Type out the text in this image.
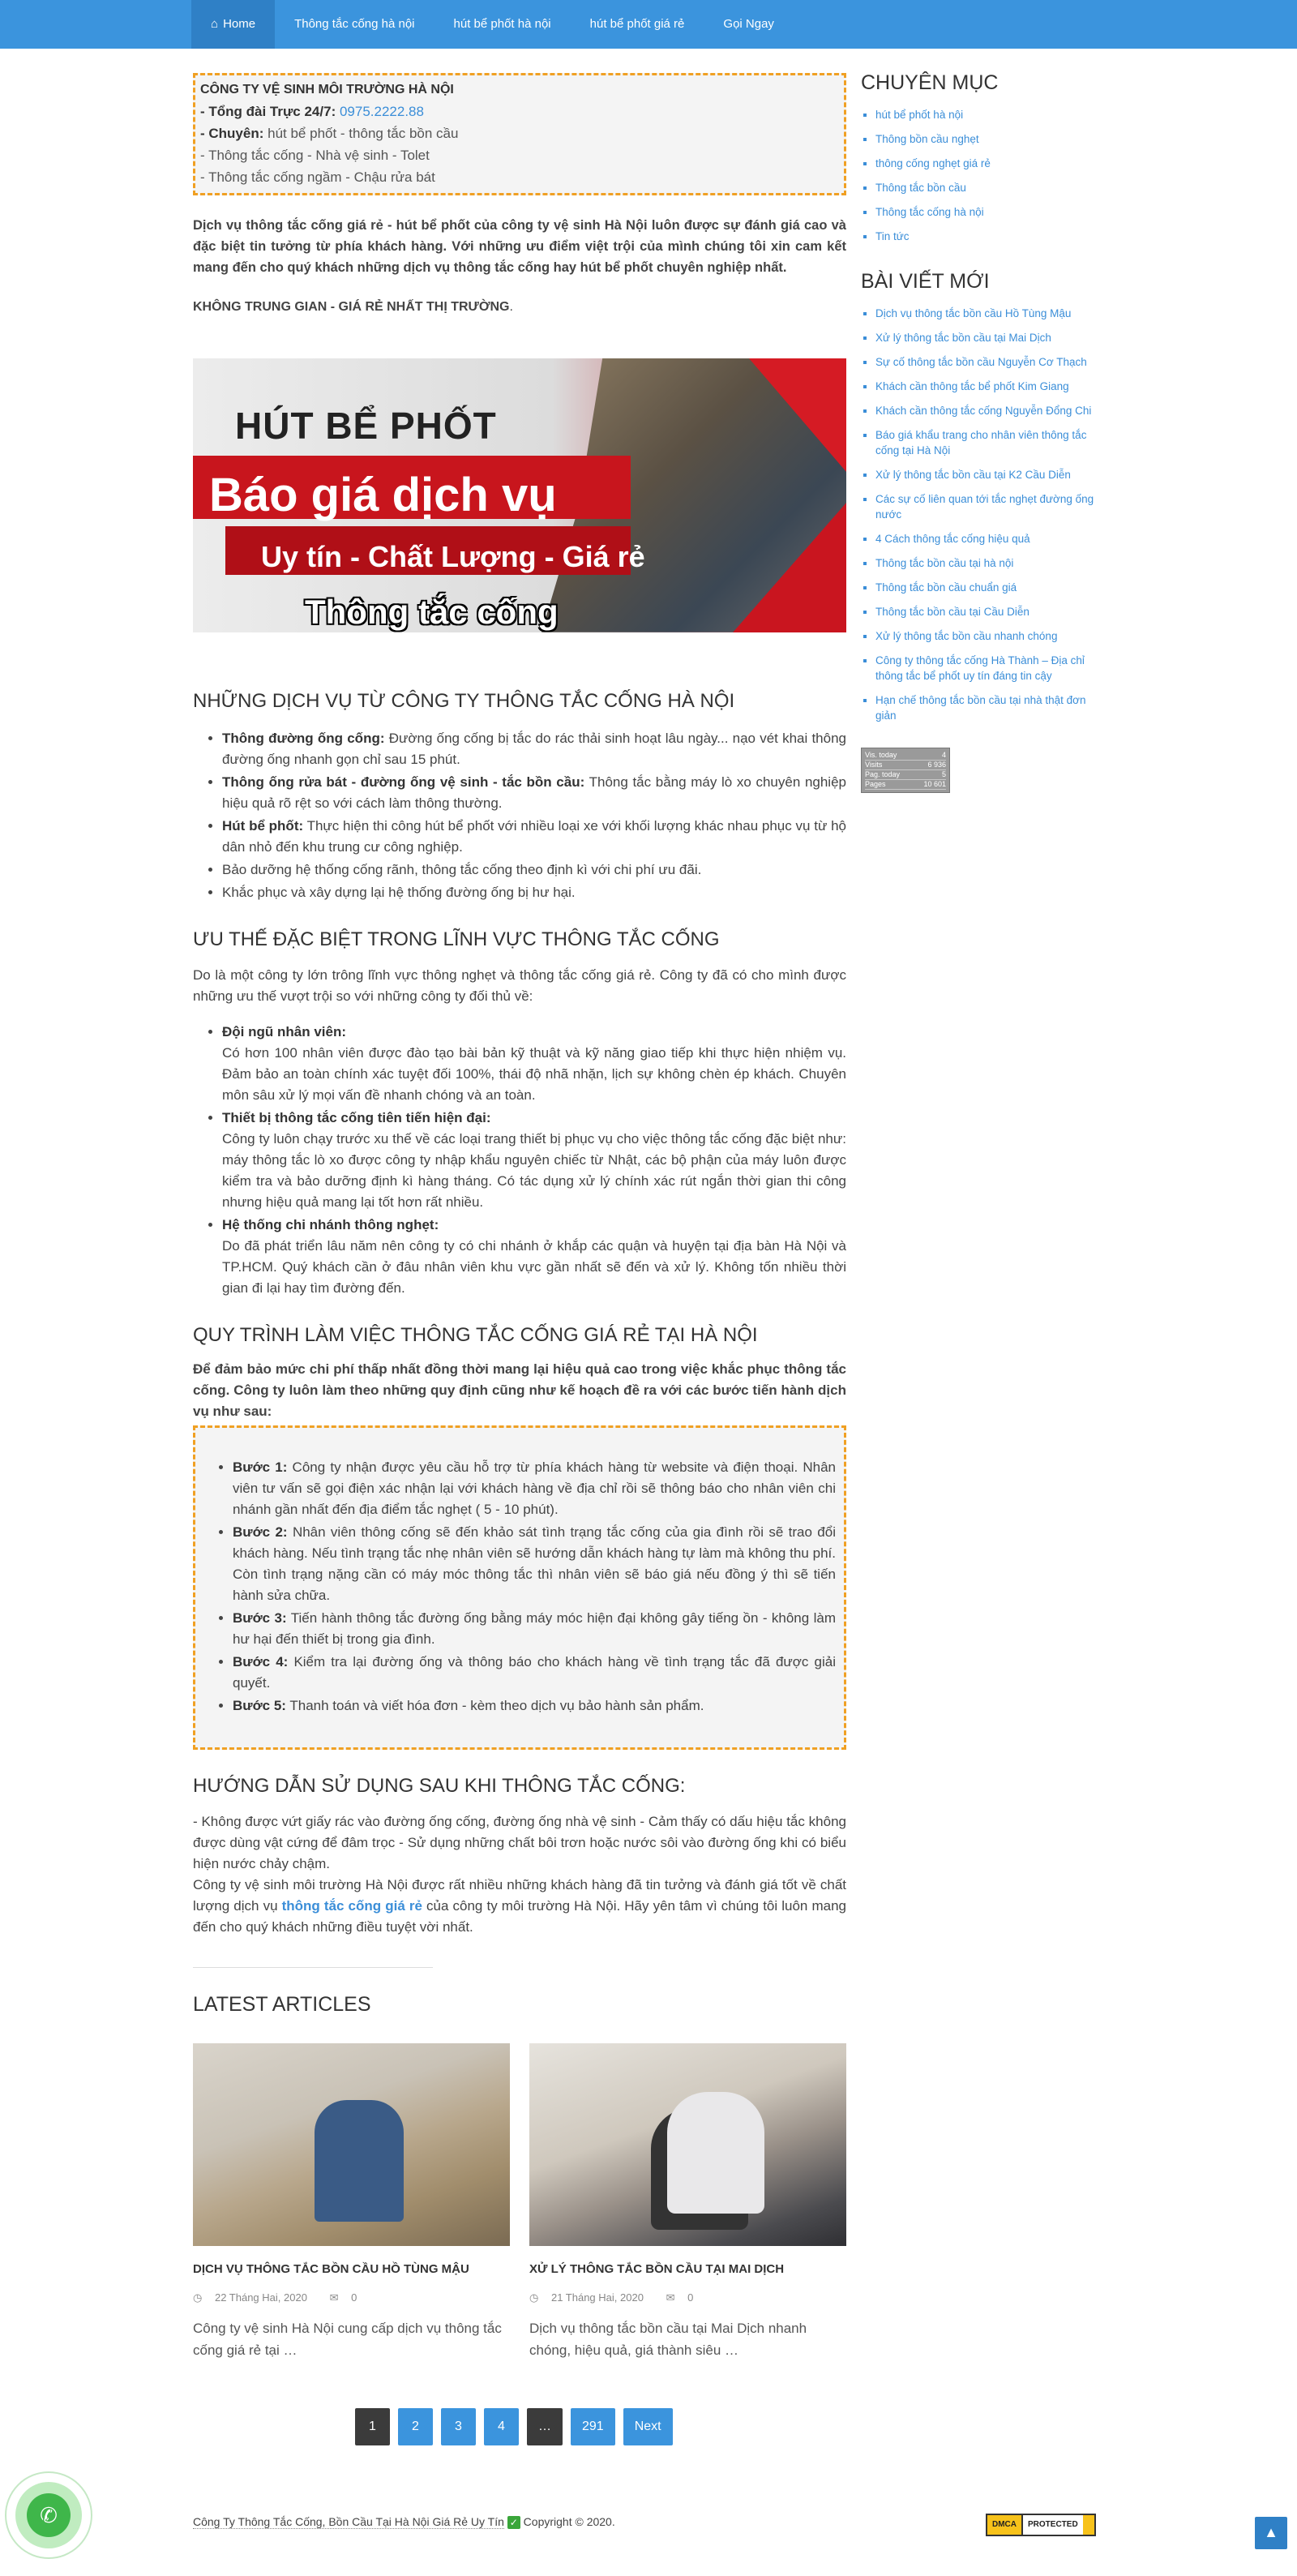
⌂ Home	Thông tắc cống hà nội	hút bể phốt hà nội	hút bể phốt giá rẻ	Gọi Ngay
CÔNG TY VỆ SINH MÔI TRƯỜNG HÀ NỘI
- Tổng đài Trực 24/7: 0975.2222.88
- Chuyên: hút bể phốt - thông tắc bồn cầu
- Thông tắc cống - Nhà vệ sinh - Tolet
- Thông tắc cống ngầm - Chậu rửa bát

Dịch vụ thông tắc cống giá rẻ - hút bể phốt của công ty vệ sinh Hà Nội luôn được sự đánh giá cao và đặc biệt tin tưởng từ phía khách hàng. Với những ưu điểm việt trội của mình chúng tôi xin cam kết mang đến cho quý khách những dịch vụ thông tắc cống hay hút bể phốt chuyên nghiệp nhất.

KHÔNG TRUNG GIAN - GIÁ RẺ NHẤT THỊ TRƯỜNG.

HÚT BỂ PHỐT
Báo giá dịch vụ
Uy tín - Chất Lượng - Giá rẻ
Thông tắc cống
NHỮNG DỊCH VỤ TỪ CÔNG TY THÔNG TẮC CỐNG HÀ NỘI
• Thông đường ống cống: Đường ống cống bị tắc do rác thải sinh hoạt lâu ngày... nạo vét khai thông đường ống nhanh gọn chỉ sau 15 phút.
• Thông ống rửa bát - đường ống vệ sinh - tắc bồn cầu: Thông tắc bằng máy lò xo chuyên nghiệp hiệu quả rõ rệt so với cách làm thông thường.
• Hút bể phốt: Thực hiện thi công hút bể phốt với nhiều loại xe với khối lượng khác nhau phục vụ từ hộ dân nhỏ đến khu trung cư công nghiệp.
• Bảo dưỡng hệ thống cống rãnh, thông tắc cống theo định kì với chi phí ưu đãi.
• Khắc phục và xây dựng lại hệ thống đường ống bị hư hại.
ƯU THẾ ĐẶC BIỆT TRONG LĨNH VỰC THÔNG TẮC CỐNG

Do là một công ty lớn trông lĩnh vực thông nghẹt và thông tắc cống giá rẻ. Công ty đã có cho mình được những ưu thế vượt trội so với những công ty đối thủ về:

• Đội ngũ nhân viên:
Có hơn 100 nhân viên được đào tạo bài bản kỹ thuật và kỹ năng giao tiếp khi thực hiện nhiệm vụ. Đảm bảo an toàn chính xác tuyệt đối 100%, thái độ nhã nhặn, lịch sự không chèn ép khách. Chuyên môn sâu xử lý mọi vấn đề nhanh chóng và an toàn.
• Thiết bị thông tắc cống tiên tiến hiện đại:
Công ty luôn chạy trước xu thế về các loại trang thiết bị phục vụ cho việc thông tắc cống đặc biệt như: máy thông tắc lò xo được công ty nhập khẩu nguyên chiếc từ Nhật, các bộ phận của máy luôn được kiểm tra và bảo dưỡng định kì hàng tháng. Có tác dụng xử lý chính xác rút ngắn thời gian thi công nhưng hiệu quả mang lại tốt hơn rất nhiều.
• Hệ thống chi nhánh thông nghẹt:
Do đã phát triển lâu năm nên công ty có chi nhánh ở khắp các quận và huyện tại địa bàn Hà Nội và TP.HCM. Quý khách cần ở đâu nhân viên khu vực gần nhất sẽ đến và xử lý. Không tốn nhiều thời gian đi lại hay tìm đường đến.
QUY TRÌNH LÀM VIỆC THÔNG TẮC CỐNG GIÁ RẺ TẠI HÀ NỘI

Để đảm bảo mức chi phí thấp nhất đồng thời mang lại hiệu quả cao trong việc khắc phục thông tắc cống. Công ty luôn làm theo những quy định cũng như kế hoạch đề ra với các bước tiến hành dịch vụ như sau:

• Bước 1: Công ty nhận được yêu cầu hỗ trợ từ phía khách hàng từ website và điện thoại. Nhân viên tư vấn sẽ gọi điện xác nhận lại với khách hàng về địa chỉ rồi sẽ thông báo cho nhân viên chi nhánh gần nhất đến địa điểm tắc nghẹt ( 5 - 10 phút).
• Bước 2: Nhân viên thông cống sẽ đến khảo sát tình trạng tắc cống của gia đình rồi sẽ trao đổi khách hàng. Nếu tình trạng tắc nhẹ nhân viên sẽ hướng dẫn khách hàng tự làm mà không thu phí. Còn tình trạng nặng cần có máy móc thông tắc thì nhân viên sẽ báo giá nếu đồng ý thì sẽ tiến hành sửa chữa.
• Bước 3: Tiến hành thông tắc đường ống bằng máy móc hiện đại không gây tiếng ồn - không làm hư hại đến thiết bị trong gia đình.
• Bước 4: Kiểm tra lại đường ống và thông báo cho khách hàng về tình trạng tắc đã được giải quyết.
• Bước 5: Thanh toán và viết hóa đơn - kèm theo dịch vụ bảo hành sản phẩm.
HƯỚNG DẪN SỬ DỤNG SAU KHI THÔNG TẮC CỐNG:

- Không được vứt giấy rác vào đường ống cống, đường ống nhà vệ sinh - Cảm thấy có dấu hiệu tắc không được dùng vật cứng để đâm trọc - Sử dụng những chất bôi trơn hoặc nước sôi vào đường ống khi có biểu hiện nước chảy chậm.

Công ty vệ sinh môi trường Hà Nội được rất nhiều những khách hàng đã tin tưởng và đánh giá tốt về chất lượng dịch vụ thông tắc cống giá rẻ của công ty môi trường Hà Nội. Hãy yên tâm vì chúng tôi luôn mang đến cho quý khách những điều tuyệt vời nhất.

LATEST ARTICLES
DỊCH VỤ THÔNG TẮC BỒN CẦU HỒ TÙNG MẬU
◷ 22 Tháng Hai, 2020 ✉ 0
Công ty vệ sinh Hà Nội cung cấp dịch vụ thông tắc cống giá rẻ tại …
XỬ LÝ THÔNG TẮC BỒN CẦU TẠI MAI DỊCH
◷ 21 Tháng Hai, 2020 ✉ 0
Dịch vụ thông tắc bồn cầu tại Mai Dịch nhanh chóng, hiệu quả, giá thành siêu …
1	2	3	4	…	291	Next
CHUYÊN MỤC
▪ hút bể phốt hà nội
▪ Thông bồn cầu nghẹt
▪ thông cống nghẹt giá rẻ
▪ Thông tắc bồn cầu
▪ Thông tắc cống hà nội
▪ Tin tức
BÀI VIẾT MỚI
▪ Dịch vụ thông tắc bồn cầu Hồ Tùng Mậu
▪ Xử lý thông tắc bồn cầu tại Mai Dịch
▪ Sự cố thông tắc bồn cầu Nguyễn Cơ Thạch
▪ Khách cần thông tắc bể phốt Kim Giang
▪ Khách cần thông tắc cống Nguyễn Đổng Chi
▪ Báo giá khẩu trang cho nhân viên thông tắc cống tại Hà Nội
▪ Xử lý thông tắc bồn cầu tại K2 Cầu Diễn
▪ Các sự cố liên quan tới tắc nghẹt đường ống nước
▪ 4 Cách thông tắc cống hiệu quả
▪ Thông tắc bồn cầu tại hà nội
▪ Thông tắc bồn cầu chuẩn giá
▪ Thông tắc bồn cầu tại Cầu Diễn
▪ Xử lý thông tắc bồn cầu nhanh chóng
▪ Công ty thông tắc cống Hà Thành – Địa chỉ thông tắc bể phốt uy tín đáng tin cậy
▪ Hạn chế thông tắc bồn cầu tại nhà thật đơn giản
Vis. today	4
Visits	6 936
Pag. today	5
Pages	10 601
Công Ty Thông Tắc Cống, Bồn Cầu Tại Hà Nội Giá Rẻ Uy Tín ✓ Copyright © 2020.	DMCA	PROTECTED	▲
✆
